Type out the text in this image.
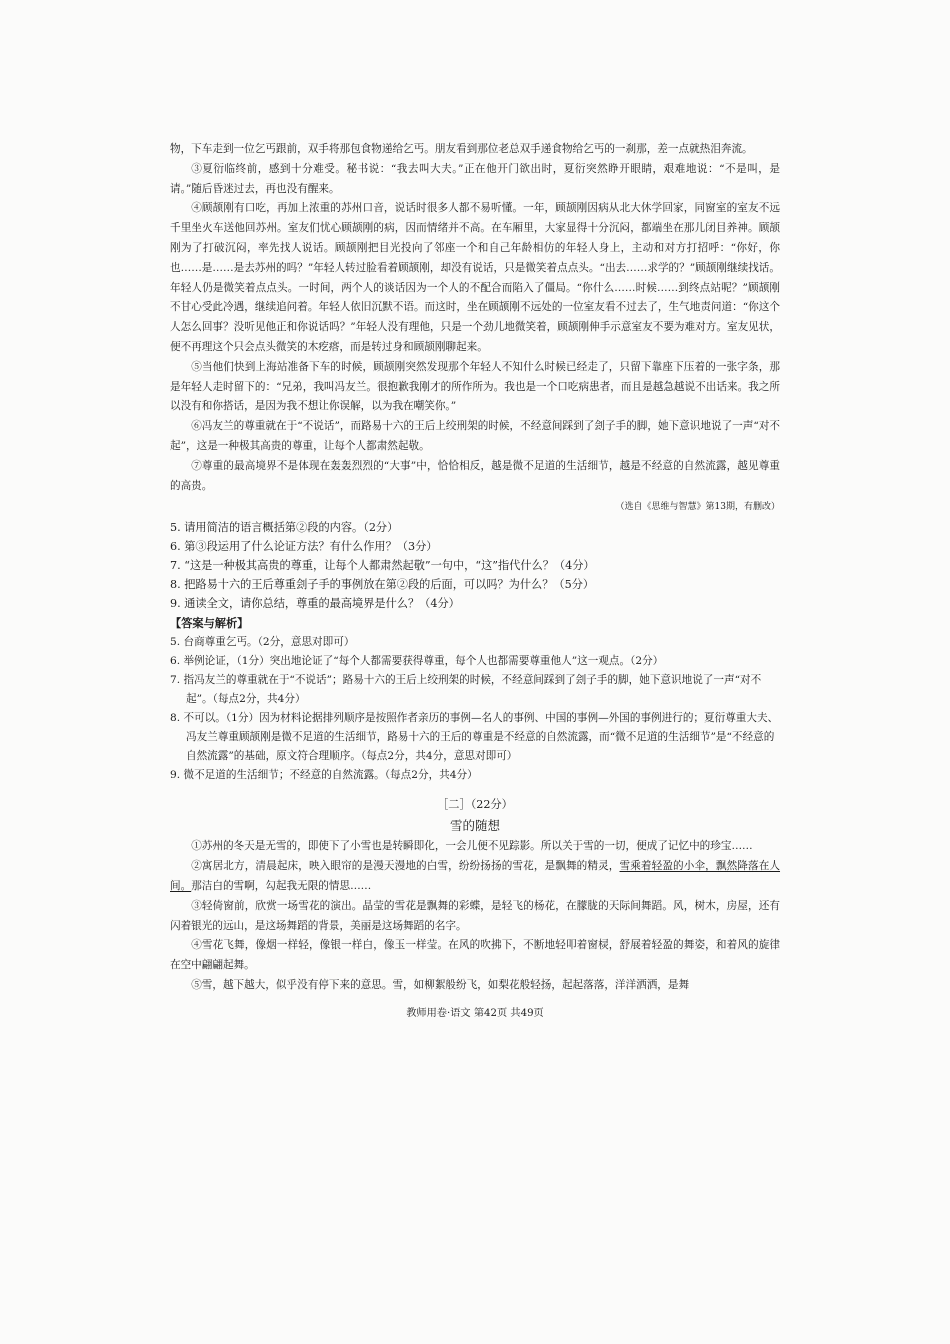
物，下车走到一位乞丐跟前，双手将那包食物递给乞丐。朋友看到那位老总双手递食物给乞丐的一刹那，差一点就热泪奔流。

③夏衍临终前，感到十分难受。秘书说：“我去叫大夫。”正在他开门欲出时，夏衍突然睁开眼睛，艰难地说：“不是叫，是请。”随后昏迷过去，再也没有醒来。

④顾颉刚有口吃，再加上浓重的苏州口音，说话时很多人都不易听懂。一年，顾颉刚因病从北大休学回家，同窗室的室友不远千里坐火车送他回苏州。室友们忧心顾颉刚的病，因而情绪并不高。在车厢里，大家显得十分沉闷，都端坐在那儿闭目养神。顾颉刚为了打破沉闷，率先找人说话。顾颉刚把目光投向了邻座一个和自己年龄相仿的年轻人身上，主动和对方打招呼：“你好，你也……是……是去苏州的吗？”年轻人转过脸看着顾颉刚，却没有说话，只是微笑着点点头。“出去……求学的？”顾颉刚继续找话。年轻人仍是微笑着点点头。一时间，两个人的谈话因为一个人的不配合而陷入了僵局。“你什么……时候……到终点站呢？”顾颉刚不甘心受此冷遇，继续追问着。年轻人依旧沉默不语。而这时，坐在顾颉刚不远处的一位室友看不过去了，生气地责问道：“你这个人怎么回事？没听见他正和你说话吗？”年轻人没有理他，只是一个劲儿地微笑着，顾颉刚伸手示意室友不要为难对方。室友见状，便不再理这个只会点头微笑的木疙瘩，而是转过身和顾颉刚聊起来。

⑤当他们快到上海站准备下车的时候，顾颉刚突然发现那个年轻人不知什么时候已经走了，只留下靠座下压着的一张字条，那是年轻人走时留下的：“兄弟，我叫冯友兰。很抱歉我刚才的所作所为。我也是一个口吃病患者，而且是越急越说不出话来。我之所以没有和你搭话，是因为我不想让你误解，以为我在嘲笑你。”

⑥冯友兰的尊重就在于“不说话”，而路易十六的王后上绞刑架的时候，不经意间踩到了刽子手的脚，她下意识地说了一声“对不起”，这是一种极其高贵的尊重，让每个人都肃然起敬。

⑦尊重的最高境界不是体现在轰轰烈烈的“大事”中，恰恰相反，越是微不足道的生活细节，越是不经意的自然流露，越见尊重的高贵。

（选自《思维与智慧》第13期，有删改）

5. 请用简洁的语言概括第②段的内容。（2分）

6. 第③段运用了什么论证方法？有什么作用？（3分）

7. “这是一种极其高贵的尊重，让每个人都肃然起敬”一句中，“这”指代什么？（4分）

8. 把路易十六的王后尊重刽子手的事例放在第②段的后面，可以吗？为什么？（5分）

9. 通读全文，请你总结，尊重的最高境界是什么？（4分）

【答案与解析】

5. 台商尊重乞丐。（2分，意思对即可）

6. 举例论证，（1分）突出地论证了“每个人都需要获得尊重，每个人也都需要尊重他人”这一观点。（2分）

7. 指冯友兰的尊重就在于“不说话”；路易十六的王后上绞刑架的时候，不经意间踩到了刽子手的脚，她下意识地说了一声“对不起”。（每点2分，共4分）

8. 不可以。（1分）因为材料论据排列顺序是按照作者亲历的事例—名人的事例、中国的事例—外国的事例进行的；夏衍尊重大夫、冯友兰尊重顾颉刚是微不足道的生活细节，路易十六的王后的尊重是不经意的自然流露，而“微不足道的生活细节”是“不经意的自然流露”的基础，原文符合理顺序。（每点2分，共4分，意思对即可）

9. 微不足道的生活细节；不经意的自然流露。（每点2分，共4分）

［二］（22分）

雪的随想

①苏州的冬天是无雪的，即使下了小雪也是转瞬即化，一会儿便不见踪影。所以关于雪的一切，便成了记忆中的珍宝……

②寓居北方，清晨起床，映入眼帘的是漫天漫地的白雪，纷纷扬扬的雪花，是飘舞的精灵，雪乘着轻盈的小伞，飘然降落在人间。那洁白的雪啊，勾起我无限的情思……

③轻倚窗前，欣赏一场雪花的演出。晶莹的雪花是飘舞的彩蝶，是轻飞的杨花，在朦胧的天际间舞蹈。风，树木，房屋，还有闪着银光的远山，是这场舞蹈的背景，美丽是这场舞蹈的名字。

④雪花飞舞，像烟一样轻，像银一样白，像玉一样莹。在风的吹拂下，不断地轻叩着窗棂，舒展着轻盈的舞姿，和着风的旋律在空中翩翩起舞。

⑤雪，越下越大，似乎没有停下来的意思。雪，如柳絮般纷飞，如梨花般轻扬，起起落落，洋洋洒洒，是舞

教师用卷·语文 第42页 共49页
